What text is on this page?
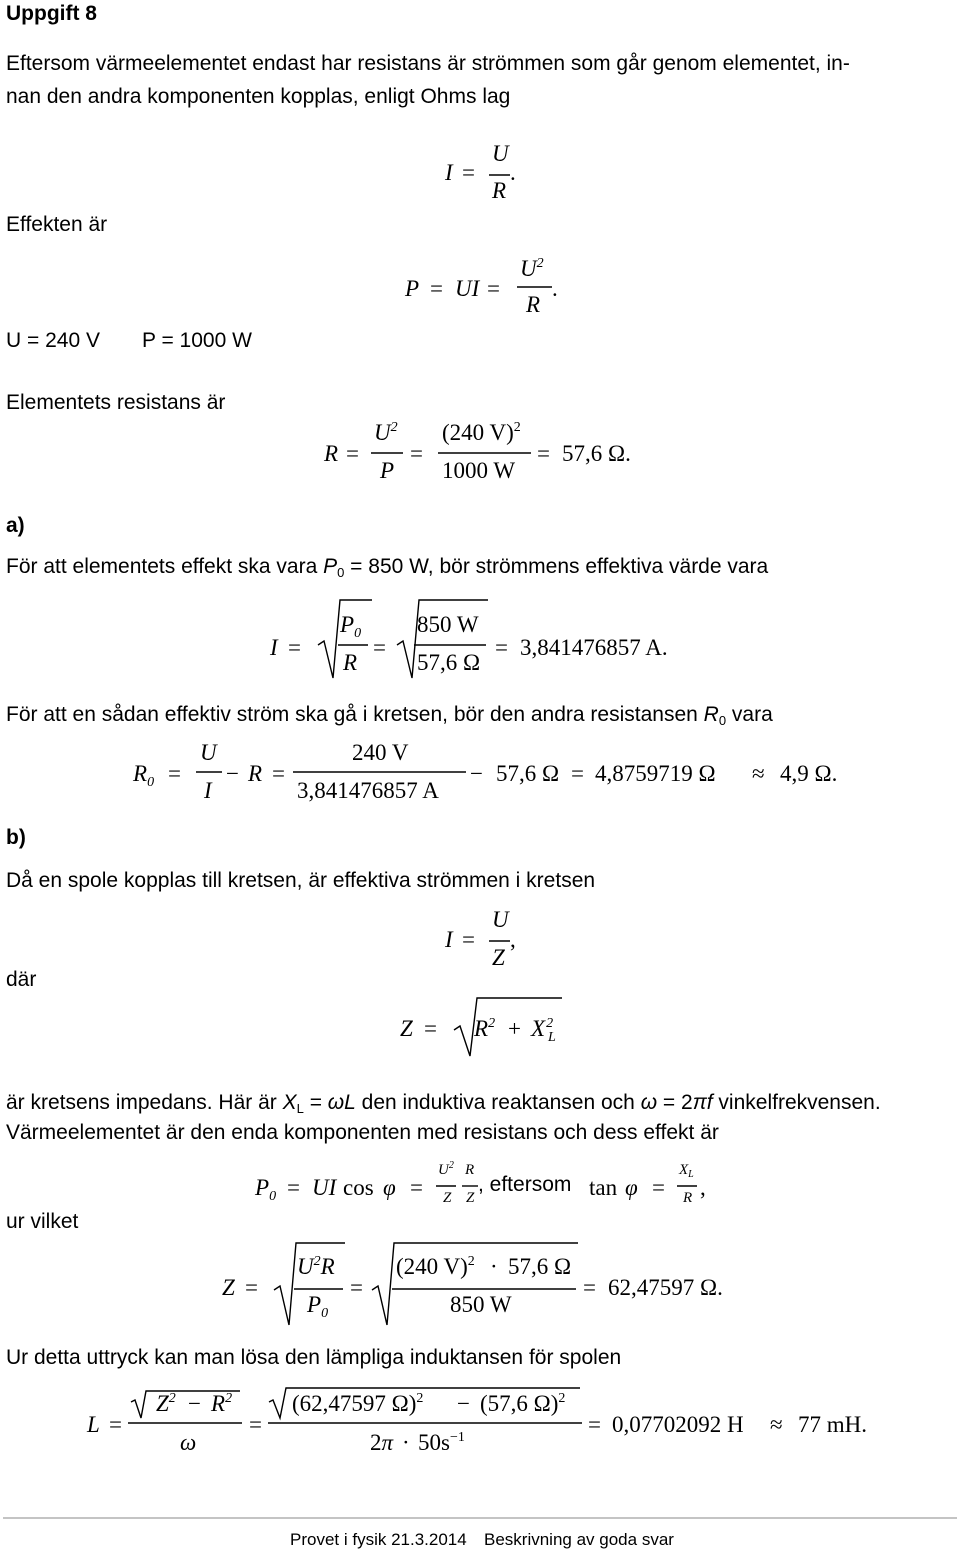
Uppgift 8
Eftersom värmeelementet endast har resistans är strömmen som går genom elementet, in-
nan den andra komponenten kopplas, enligt Ohms lag
I =
U
R
.
Effekten är
P = UI =
$U^2$
R
.
U = 240 V P = 1000 W
Elementets resistans är
R =
$U^2$
P
=
(240 V)$^2$
1000 W
= 57,6 Ω.
a)
För att elementets effekt ska vara P0 = 850 W, bör strömmens effektiva värde vara
I =
$P_0$
R
=
850 W
57,6 Ω
= 3,841476857 A.
För att en sådan effektiv ström ska gå i kretsen, bör den andra resistansen R0 vara
$R_0$ =
U
I
− R =
240 V
3,841476857 A
− 57,6 Ω = 4,8759719 Ω ≈ 4,9 Ω.
b)
Då en spole kopplas till kretsen, är effektiva strömmen i kretsen
I =
U
Z
,
där
$Z = R^2 + X^2$
L
är kretsens impedans. Här är XL = ωL den induktiva reaktansen och ω = 2πf vinkelfrekvensen.
Värmeelementet är den enda komponenten med resistans och dess effekt är
$P_0$ = UI cos φ =
$U^2$ R
Z Z
, eftersom tan φ =
$X_L$
R ,
ur vilket
Z =
$U^2R$
$P_0$
=
(240 V)$^2$ · 57,6 Ω
850 W
= 62,47597 Ω.
Ur detta uttryck kan man lösa den lämpliga induktansen för spolen
L =
$Z^2 - R^2$
ω
=
(62,47597 Ω)$^2$ − (57,6 Ω)$^2$
$2\pi \cdot 50s^{-1}$
= 0,07702092 H ≈ 77 mH.
Provet i fysik 21.3.2014 Beskrivning av goda svar
